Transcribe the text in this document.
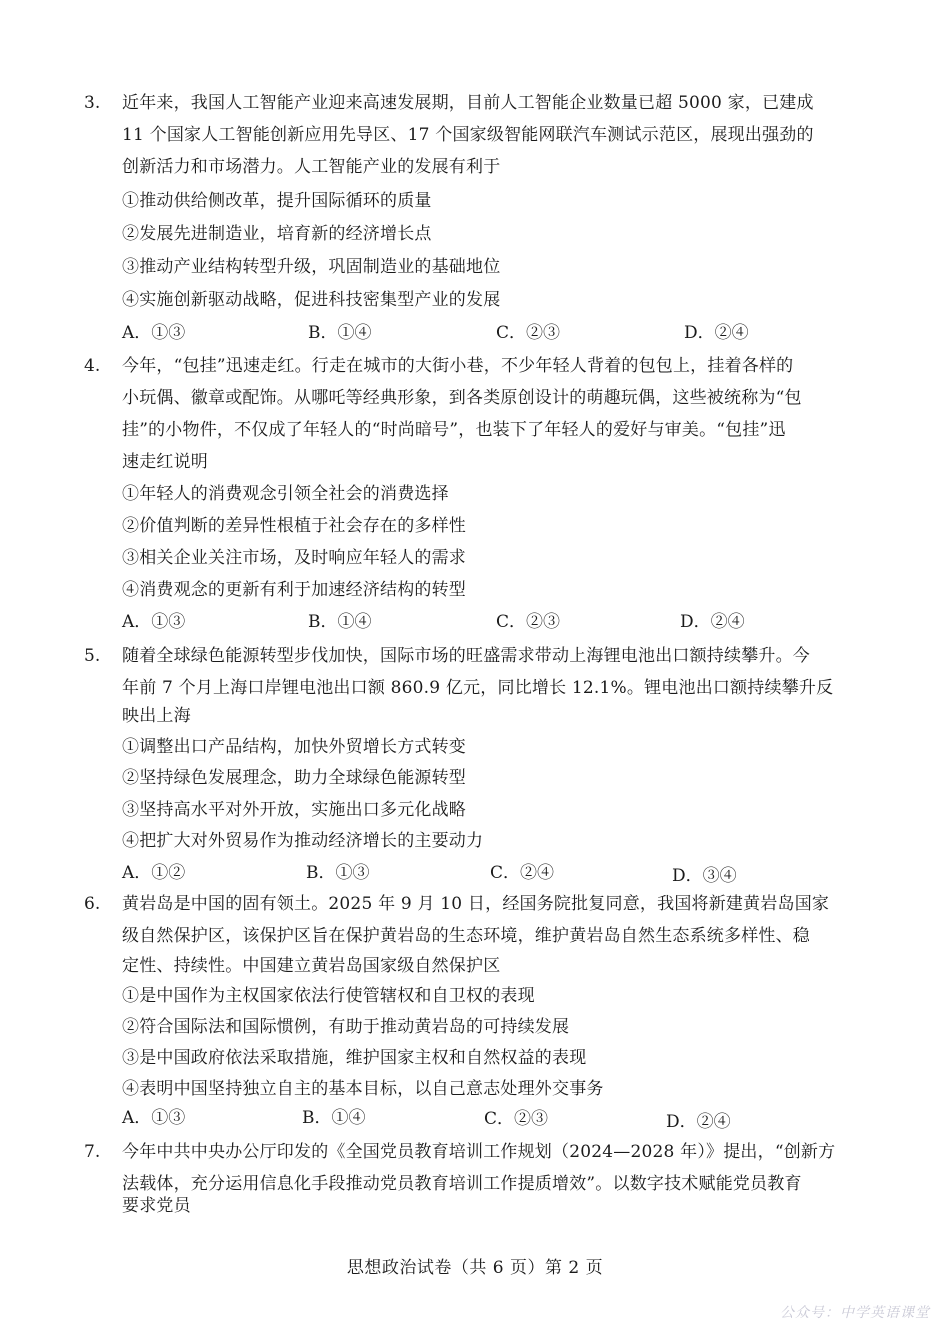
3. 近年来，我国人工智能产业迎来高速发展期，目前人工智能企业数量已超 5000 家，已建成
11 个国家人工智能创新应用先导区、17 个国家级智能网联汽车测试示范区，展现出强劲的
创新活力和市场潜力。人工智能产业的发展有利于
①推动供给侧改革，提升国际循环的质量
②发展先进制造业，培育新的经济增长点
③推动产业结构转型升级，巩固制造业的基础地位
④实施创新驱动战略，促进科技密集型产业的发展
A．①③	B．①④	C．②③	D．②④
4. 今年，“包挂”迅速走红。行走在城市的大街小巷，不少年轻人背着的包包上，挂着各样的
小玩偶、徽章或配饰。从哪吒等经典形象，到各类原创设计的萌趣玩偶，这些被统称为“包
挂”的小物件，不仅成了年轻人的“时尚暗号”，也装下了年轻人的爱好与审美。“包挂”迅
速走红说明
①年轻人的消费观念引领全社会的消费选择
②价值判断的差异性根植于社会存在的多样性
③相关企业关注市场，及时响应年轻人的需求
④消费观念的更新有利于加速经济结构的转型
A．①③	B．①④	C．②③	D．②④
5. 随着全球绿色能源转型步伐加快，国际市场的旺盛需求带动上海锂电池出口额持续攀升。今
年前 7 个月上海口岸锂电池出口额 860.9 亿元，同比增长 12.1%。锂电池出口额持续攀升反
映出上海
①调整出口产品结构，加快外贸增长方式转变
②坚持绿色发展理念，助力全球绿色能源转型
③坚持高水平对外开放，实施出口多元化战略
④把扩大对外贸易作为推动经济增长的主要动力
A．①②	B．①③	C．②④	D．③④
6. 黄岩岛是中国的固有领土。2025 年 9 月 10 日，经国务院批复同意，我国将新建黄岩岛国家
级自然保护区，该保护区旨在保护黄岩岛的生态环境，维护黄岩岛自然生态系统多样性、稳
定性、持续性。中国建立黄岩岛国家级自然保护区
①是中国作为主权国家依法行使管辖权和自卫权的表现
②符合国际法和国际惯例，有助于推动黄岩岛的可持续发展
③是中国政府依法采取措施，维护国家主权和自然权益的表现
④表明中国坚持独立自主的基本目标，以自己意志处理外交事务
A．①③	B．①④	C．②③	D．②④
7. 今年中共中央办公厅印发的《全国党员教育培训工作规划（2024—2028 年）》提出，“创新方
法载体，充分运用信息化手段推动党员教育培训工作提质增效”。以数字技术赋能党员教育
要求党员
思想政治试卷（共 6 页）第 2 页
公众号：中学英语课堂
